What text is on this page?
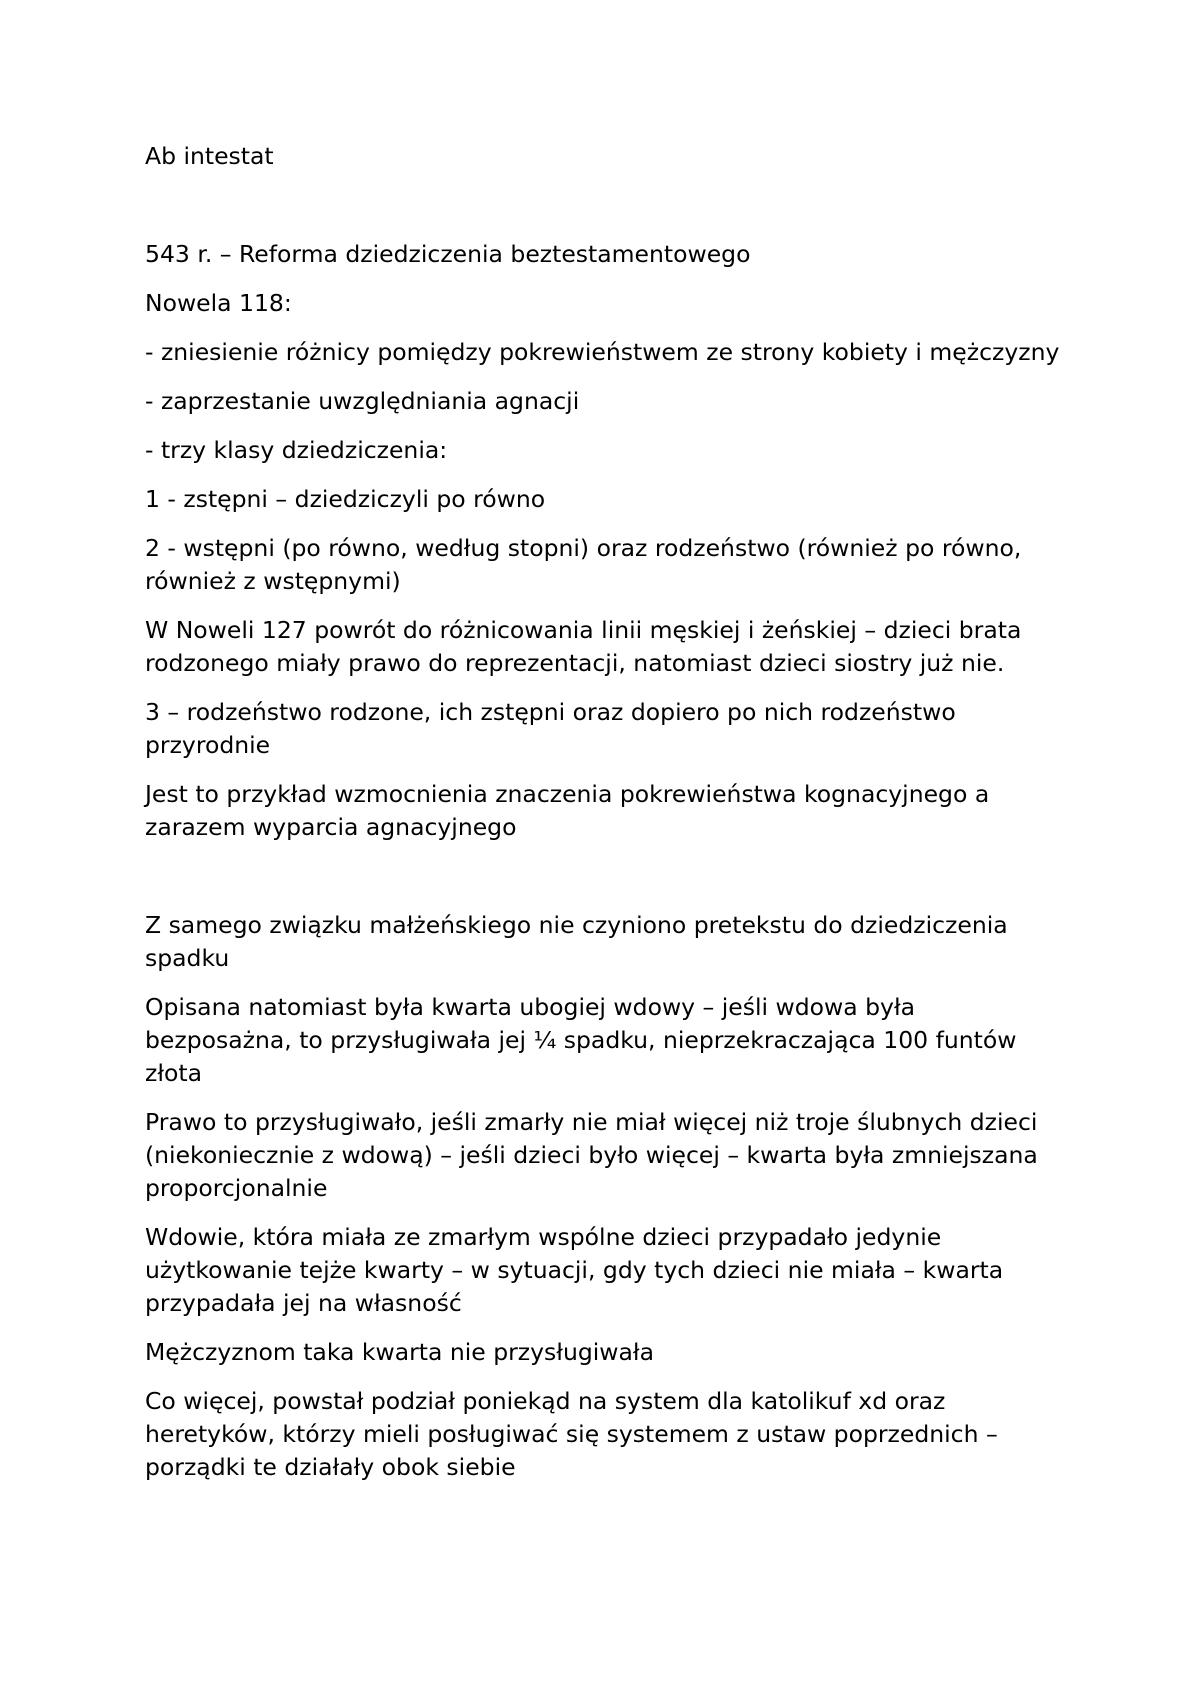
Ab intestat

543 r. – Reforma dziedziczenia beztestamentowego

Nowela 118:

- zniesienie różnicy pomiędzy pokrewieństwem ze strony kobiety i mężczyzny

- zaprzestanie uwzględniania agnacji

- trzy klasy dziedziczenia:

1 - zstępni – dziedziczyli po równo

2 - wstępni (po równo, według stopni) oraz rodzeństwo (również po równo, również z wstępnymi)

W Noweli 127 powrót do różnicowania linii męskiej i żeńskiej – dzieci brata rodzonego miały prawo do reprezentacji, natomiast dzieci siostry już nie.

3 – rodzeństwo rodzone, ich zstępni oraz dopiero po nich rodzeństwo przyrodnie

Jest to przykład wzmocnienia znaczenia pokrewieństwa kognacyjnego a zarazem wyparcia agnacyjnego

Z samego związku małżeńskiego nie czyniono pretekstu do dziedziczenia spadku

Opisana natomiast była kwarta ubogiej wdowy – jeśli wdowa była bezposażna, to przysługiwała jej ¼ spadku, nieprzekraczająca 100 funtów złota

Prawo to przysługiwało, jeśli zmarły nie miał więcej niż troje ślubnych dzieci (niekoniecznie z wdową) – jeśli dzieci było więcej – kwarta była zmniejszana proporcjonalnie

Wdowie, która miała ze zmarłym wspólne dzieci przypadało jedynie użytkowanie tejże kwarty – w sytuacji, gdy tych dzieci nie miała – kwarta przypadała jej na własność

Mężczyznom taka kwarta nie przysługiwała

Co więcej, powstał podział poniekąd na system dla katolikuf xd oraz heretyków, którzy mieli posługiwać się systemem z ustaw poprzednich – porządki te działały obok siebie
